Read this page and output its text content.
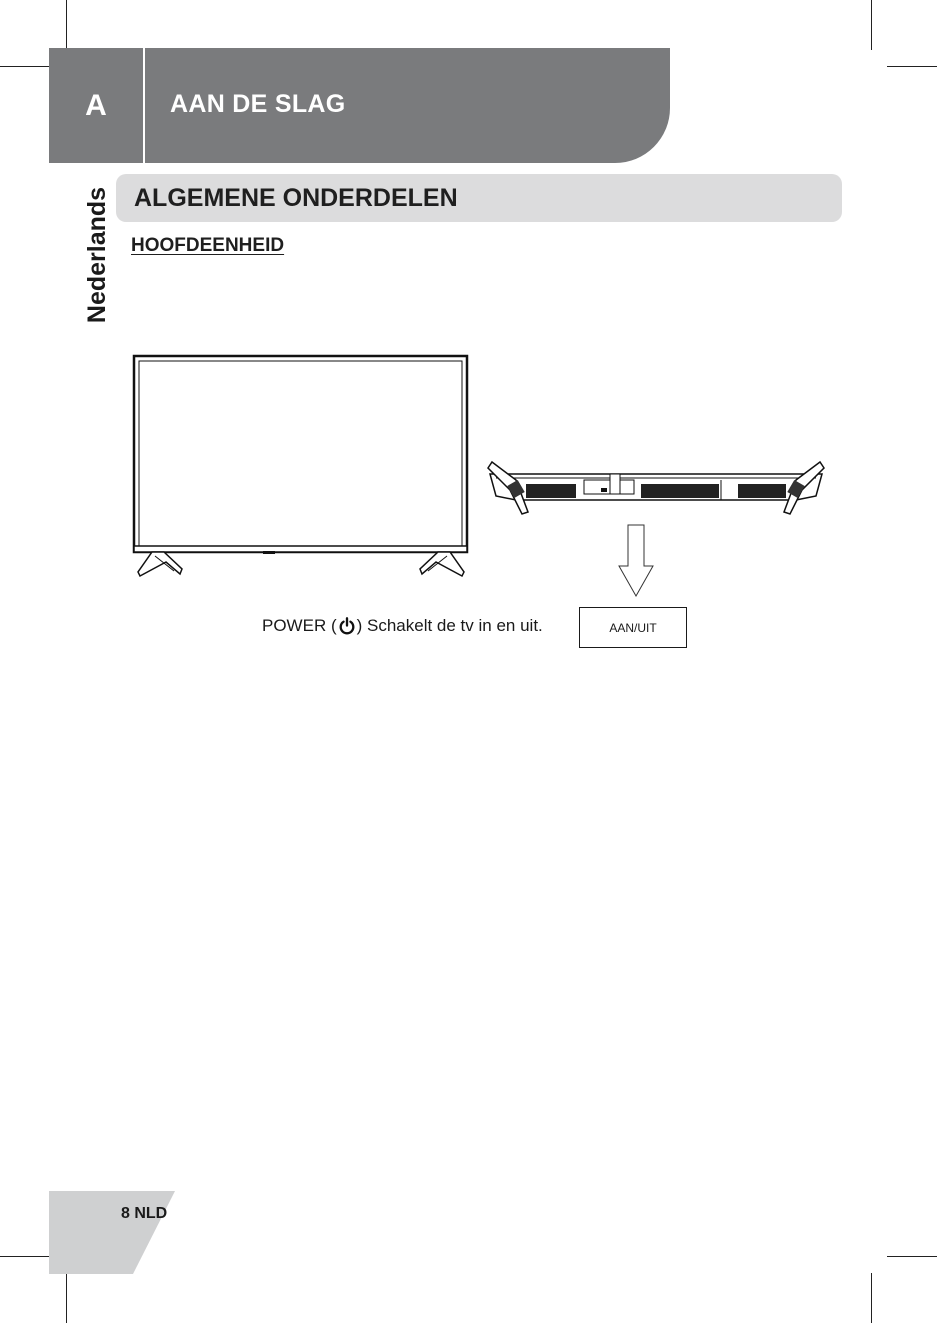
A	AAN DE SLAG
Nederlands ALGEMENE ONDERDELEN
HOOFDEENHEID
POWER ( ) Schakelt de tv in en uit.	AAN/UIT
8 NLD
